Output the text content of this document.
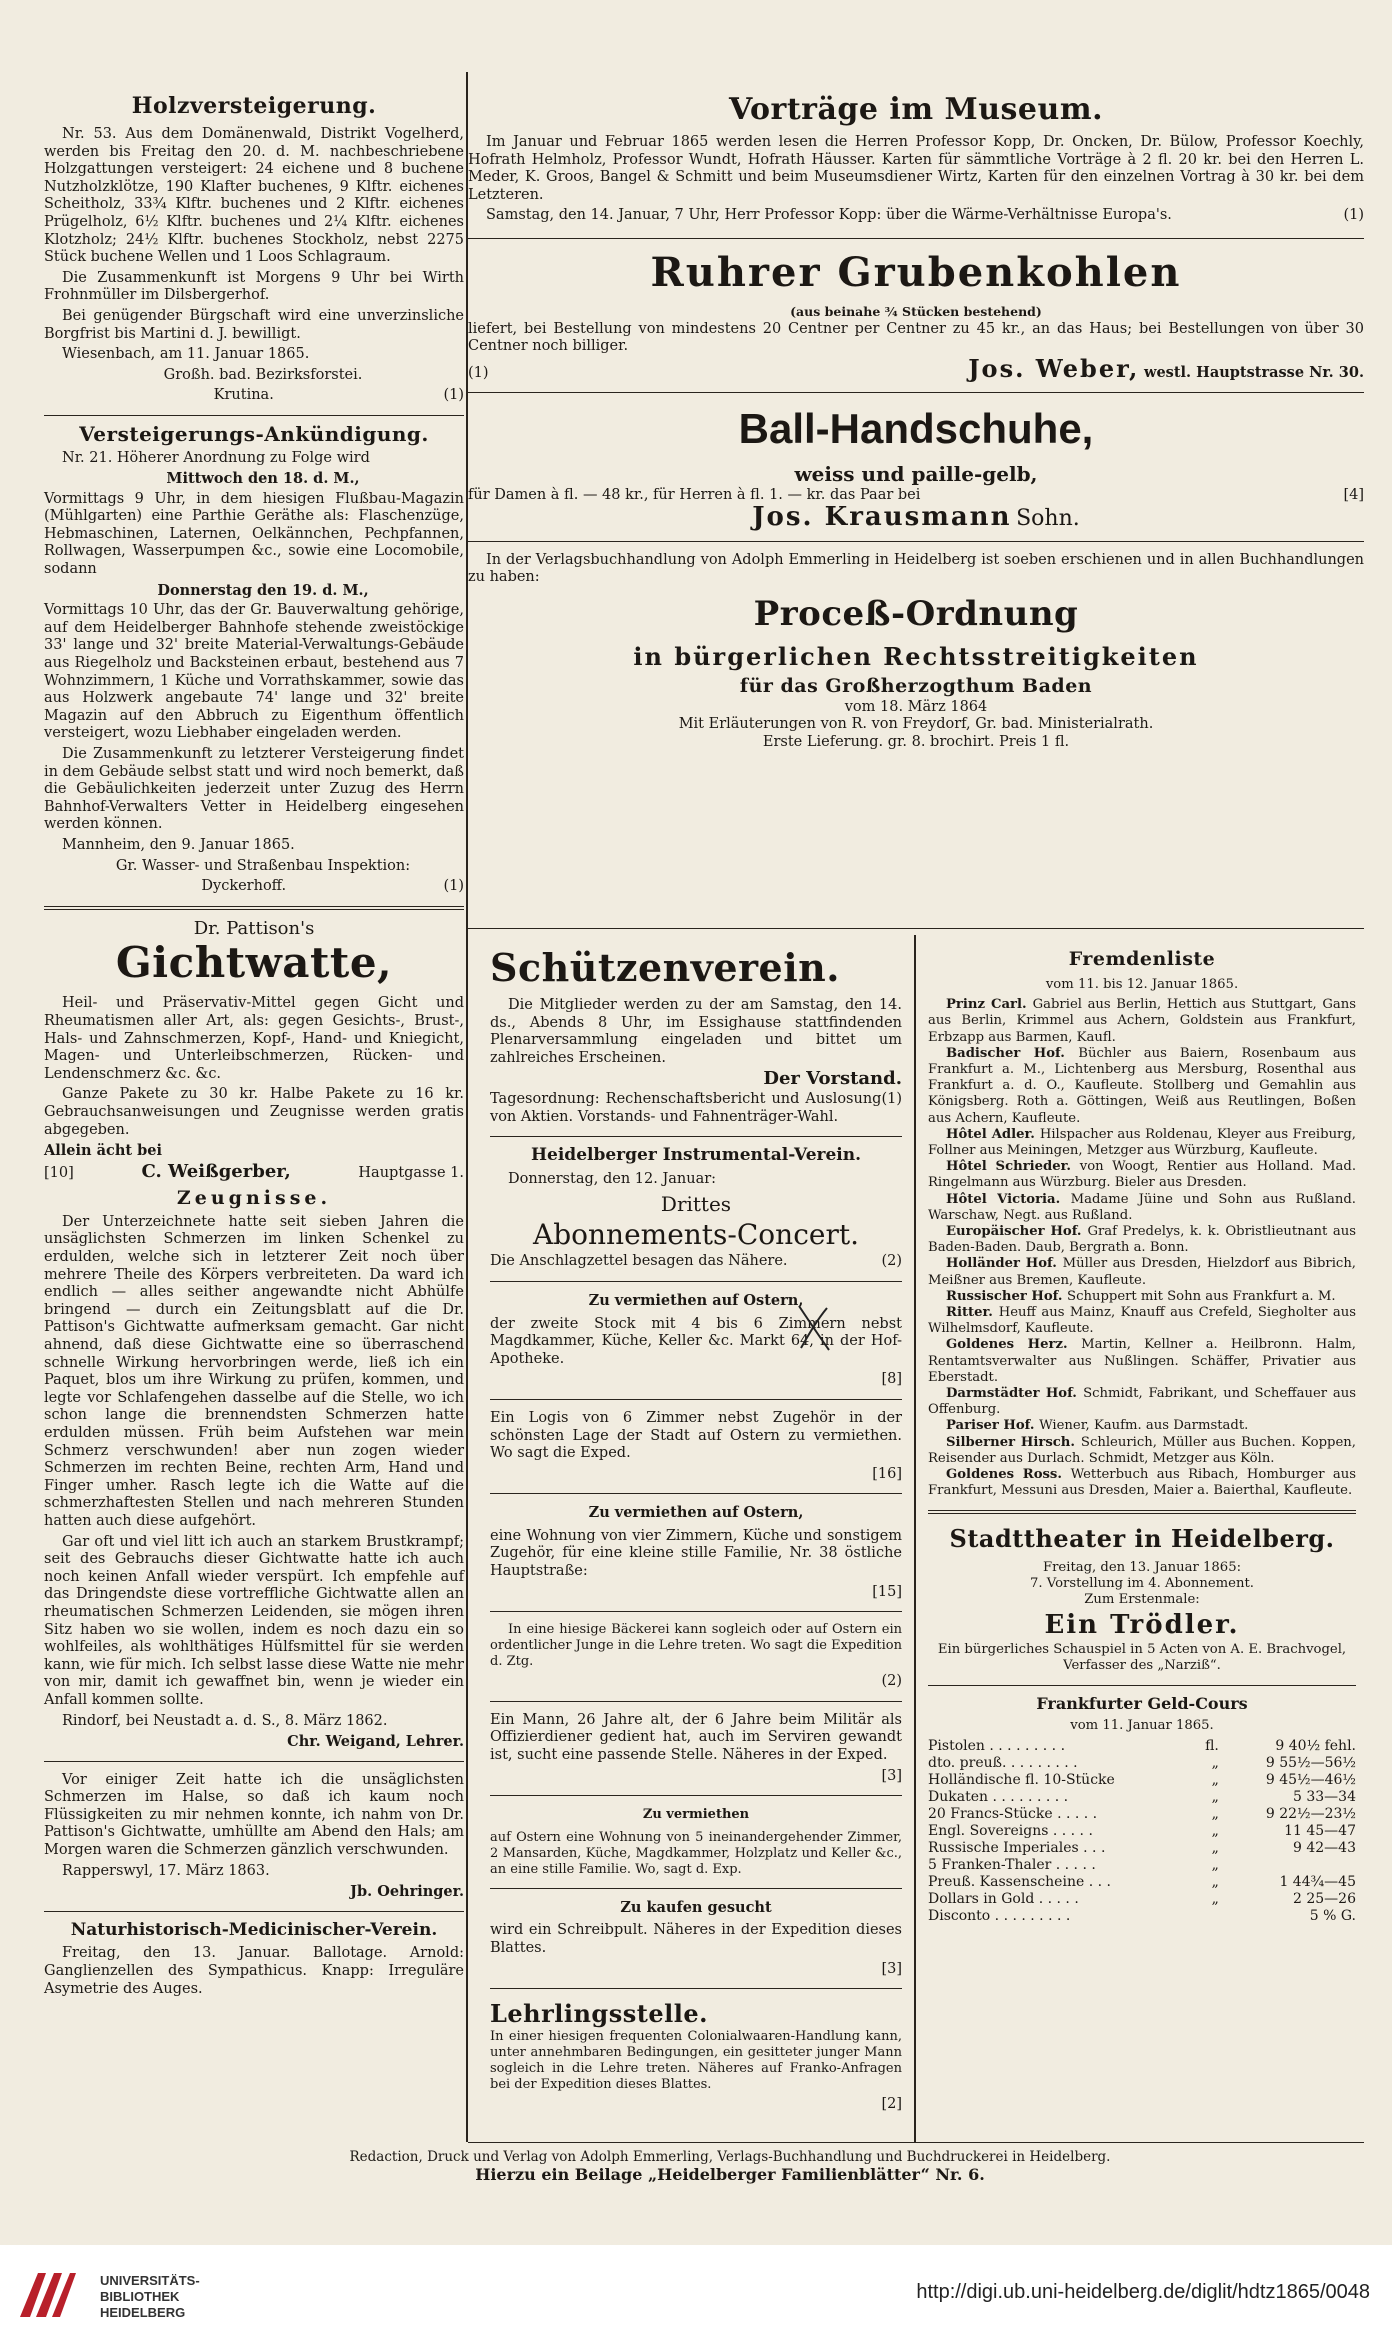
Holzversteigerung.

Nr. 53. Aus dem Domänenwald, Distrikt Vogelherd, werden bis Freitag den 20. d. M. nachbeschriebene Holzgattungen versteigert: 24 eichene und 8 buchene Nutzholzklötze, 190 Klafter buchenes, 9 Klftr. eichenes Scheitholz, 33¾ Klftr. buchenes und 2 Klftr. eichenes Prügelholz, 6½ Klftr. buchenes und 2¼ Klftr. eichenes Klotzholz; 24½ Klftr. buchenes Stockholz, nebst 2275 Stück buchene Wellen und 1 Loos Schlagraum.

Die Zusammenkunft ist Morgens 9 Uhr bei Wirth Frohnmüller im Dilsbergerhof.

Bei genügender Bürgschaft wird eine unverzinsliche Borgfrist bis Martini d. J. bewilligt.

Wiesenbach, am 11. Januar 1865.

Großh. bad. Bezirksforstei.

Krutina.	(1)
Versteigerungs-Ankündigung.

Nr. 21. Höherer Anordnung zu Folge wird

Mittwoch den 18. d. M.,

Vormittags 9 Uhr, in dem hiesigen Flußbau-Magazin (Mühlgarten) eine Parthie Geräthe als: Flaschenzüge, Hebmaschinen, Laternen, Oelkännchen, Pechpfannen, Rollwagen, Wasserpumpen &c., sowie eine Locomobile, sodann

Donnerstag den 19. d. M.,

Vormittags 10 Uhr, das der Gr. Bauverwaltung gehörige, auf dem Heidelberger Bahnhofe stehende zweistöckige 33' lange und 32' breite Material-Verwaltungs-Gebäude aus Riegelholz und Backsteinen erbaut, bestehend aus 7 Wohnzimmern, 1 Küche und Vorrathskammer, sowie das aus Holzwerk angebaute 74' lange und 32' breite Magazin auf den Abbruch zu Eigenthum öffentlich versteigert, wozu Liebhaber eingeladen werden.

Die Zusammenkunft zu letzterer Versteigerung findet in dem Gebäude selbst statt und wird noch bemerkt, daß die Gebäulichkeiten jederzeit unter Zuzug des Herrn Bahnhof-Verwalters Vetter in Heidelberg eingesehen werden können.

Mannheim, den 9. Januar 1865.

Gr. Wasser- und Straßenbau Inspektion:

Dyckerhoff.	(1)
Dr. Pattison's
Gichtwatte,

Heil- und Präservativ-Mittel gegen Gicht und Rheumatismen aller Art, als: gegen Gesichts-, Brust-, Hals- und Zahnschmerzen, Kopf-, Hand- und Kniegicht, Magen- und Unterleibschmerzen, Rücken- und Lendenschmerz &c. &c.

Ganze Pakete zu 30 kr. Halbe Pakete zu 16 kr. Gebrauchsanweisungen und Zeugnisse werden gratis abgegeben.

Allein ächt bei

[10]	C. Weißgerber,	Hauptgasse 1.
Zeugnisse.

Der Unterzeichnete hatte seit sieben Jahren die unsäglichsten Schmerzen im linken Schenkel zu erdulden, welche sich in letzterer Zeit noch über mehrere Theile des Körpers verbreiteten. Da ward ich endlich — alles seither angewandte nicht Abhülfe bringend — durch ein Zeitungsblatt auf die Dr. Pattison's Gichtwatte aufmerksam gemacht. Gar nicht ahnend, daß diese Gichtwatte eine so überraschend schnelle Wirkung hervorbringen werde, ließ ich ein Paquet, blos um ihre Wirkung zu prüfen, kommen, und legte vor Schlafengehen dasselbe auf die Stelle, wo ich schon lange die brennendsten Schmerzen hatte erdulden müssen. Früh beim Aufstehen war mein Schmerz verschwunden! aber nun zogen wieder Schmerzen im rechten Beine, rechten Arm, Hand und Finger umher. Rasch legte ich die Watte auf die schmerzhaftesten Stellen und nach mehreren Stunden hatten auch diese aufgehört.

Gar oft und viel litt ich auch an starkem Brustkrampf; seit des Gebrauchs dieser Gichtwatte hatte ich auch noch keinen Anfall wieder verspürt. Ich empfehle auf das Dringendste diese vortreffliche Gichtwatte allen an rheumatischen Schmerzen Leidenden, sie mögen ihren Sitz haben wo sie wollen, indem es noch dazu ein so wohlfeiles, als wohlthätiges Hülfsmittel für sie werden kann, wie für mich. Ich selbst lasse diese Watte nie mehr von mir, damit ich gewaffnet bin, wenn je wieder ein Anfall kommen sollte.

Rindorf, bei Neustadt a. d. S., 8. März 1862.

Chr. Weigand, Lehrer.

Vor einiger Zeit hatte ich die unsäglichsten Schmerzen im Halse, so daß ich kaum noch Flüssigkeiten zu mir nehmen konnte, ich nahm von Dr. Pattison's Gichtwatte, umhüllte am Abend den Hals; am Morgen waren die Schmerzen gänzlich verschwunden.

Rapperswyl, 17. März 1863.

Jb. Oehringer.

Naturhistorisch-Medicinischer-Verein.

Freitag, den 13. Januar. Ballotage. Arnold: Ganglienzellen des Sympathicus. Knapp: Irreguläre Asymetrie des Auges.

Vorträge im Museum.

Im Januar und Februar 1865 werden lesen die Herren Professor Kopp, Dr. Oncken, Dr. Bülow, Professor Koechly, Hofrath Helmholz, Professor Wundt, Hofrath Häusser. Karten für sämmtliche Vorträge à 2 fl. 20 kr. bei den Herren L. Meder, K. Groos, Bangel & Schmitt und beim Museumsdiener Wirtz, Karten für den einzelnen Vortrag à 30 kr. bei dem Letzteren.

Samstag, den 14. Januar, 7 Uhr, Herr Professor Kopp: über die Wärme-Verhältnisse Europa's.	(1)
Ruhrer Grubenkohlen
(aus beinahe ¾ Stücken bestehend)

liefert, bei Bestellung von mindestens 20 Centner per Centner zu 45 kr., an das Haus; bei Bestellungen von über 30 Centner noch billiger.

(1)	Jos. Weber, westl. Hauptstrasse Nr. 30.
Ball-Handschuhe,
weiss und paille-gelb,
für Damen à fl. — 48 kr., für Herren à fl. 1. — kr. das Paar bei	[4]
Jos. Krausmann Sohn.

In der Verlagsbuchhandlung von Adolph Emmerling in Heidelberg ist soeben erschienen und in allen Buchhandlungen zu haben:

Proceß-Ordnung
in bürgerlichen Rechtsstreitigkeiten
für das Großherzogthum Baden
vom 18. März 1864
Mit Erläuterungen von R. von Freydorf, Gr. bad. Ministerialrath.
Erste Lieferung. gr. 8. brochirt. Preis 1 fl.
Schützenverein.

Die Mitglieder werden zu der am Samstag, den 14. ds., Abends 8 Uhr, im Essighause stattfindenden Plenarversammlung eingeladen und bittet um zahlreiches Erscheinen.

Der Vorstand.

Tagesordnung: Rechenschaftsbericht und Auslosung von Aktien. Vorstands- und Fahnenträger-Wahl.
(1)
Heidelberger Instrumental-Verein.

Donnerstag, den 12. Januar:

Drittes
Abonnements-Concert.
Die Anschlagzettel besagen das Nähere.	(2)
Zu vermiethen auf Ostern,

der zweite Stock mit 4 bis 6 Zimmern nebst Magdkammer, Küche, Keller &c. Markt 64, in der Hof-Apotheke.

[8]

Ein Logis von 6 Zimmer nebst Zugehör in der schönsten Lage der Stadt auf Ostern zu vermiethen. Wo sagt die Exped.

[16]

Zu vermiethen auf Ostern,

eine Wohnung von vier Zimmern, Küche und sonstigem Zugehör, für eine kleine stille Familie, Nr. 38 östliche Hauptstraße:

[15]

In eine hiesige Bäckerei kann sogleich oder auf Ostern ein ordentlicher Junge in die Lehre treten. Wo sagt die Expedition d. Ztg.

(2)

Ein Mann, 26 Jahre alt, der 6 Jahre beim Militär als Offizierdiener gedient hat, auch im Serviren gewandt ist, sucht eine passende Stelle. Näheres in der Exped.

[3]

Zu vermiethen

auf Ostern eine Wohnung von 5 ineinandergehender Zimmer, 2 Mansarden, Küche, Magdkammer, Holzplatz und Keller &c., an eine stille Familie. Wo, sagt d. Exp.

Zu kaufen gesucht

wird ein Schreibpult. Näheres in der Expedition dieses Blattes.

[3]

Lehrlingsstelle.

In einer hiesigen frequenten Colonialwaaren-Handlung kann, unter annehmbaren Bedingungen, ein gesitteter junger Mann sogleich in die Lehre treten. Näheres auf Franko-Anfragen bei der Expedition dieses Blattes.

[2]

Fremdenliste
vom 11. bis 12. Januar 1865.

Prinz Carl. Gabriel aus Berlin, Hettich aus Stuttgart, Gans aus Berlin, Krimmel aus Achern, Goldstein aus Frankfurt, Erbzapp aus Barmen, Kaufl.

Badischer Hof. Büchler aus Baiern, Rosenbaum aus Frankfurt a. M., Lichtenberg aus Mersburg, Rosenthal aus Frankfurt a. d. O., Kaufleute. Stollberg und Gemahlin aus Königsberg. Roth a. Göttingen, Weiß aus Reutlingen, Boßen aus Achern, Kaufleute.

Hôtel Adler. Hilspacher aus Roldenau, Kleyer aus Freiburg, Follner aus Meiningen, Metzger aus Würzburg, Kaufleute.

Hôtel Schrieder. von Woogt, Rentier aus Holland. Mad. Ringelmann aus Würzburg. Bieler aus Dresden.

Hôtel Victoria. Madame Jüine und Sohn aus Rußland. Warschaw, Negt. aus Rußland.

Europäischer Hof. Graf Predelys, k. k. Obristlieutnant aus Baden-Baden. Daub, Bergrath a. Bonn.

Holländer Hof. Müller aus Dresden, Hielzdorf aus Bibrich, Meißner aus Bremen, Kaufleute.

Russischer Hof. Schuppert mit Sohn aus Frankfurt a. M.

Ritter. Heuff aus Mainz, Knauff aus Crefeld, Siegholter aus Wilhelmsdorf, Kaufleute.

Goldenes Herz. Martin, Kellner a. Heilbronn. Halm, Rentamtsverwalter aus Nußlingen. Schäffer, Privatier aus Eberstadt.

Darmstädter Hof. Schmidt, Fabrikant, und Scheffauer aus Offenburg.

Pariser Hof. Wiener, Kaufm. aus Darmstadt.

Silberner Hirsch. Schleurich, Müller aus Buchen. Koppen, Reisender aus Durlach. Schmidt, Metzger aus Köln.

Goldenes Ross. Wetterbuch aus Ribach, Homburger aus Frankfurt, Messuni aus Dresden, Maier a. Baierthal, Kaufleute.

Stadttheater in Heidelberg.
Freitag, den 13. Januar 1865:
7. Vorstellung im 4. Abonnement.
Zum Erstenmale:
Ein Trödler.
Ein bürgerliches Schauspiel in 5 Acten von A. E. Brachvogel, Verfasser des „Narziß“.
Frankfurter Geld-Cours
vom 11. Januar 1865.
Pistolen . . . . . . . . .	fl.	9 40½ fehl.
dto. preuß. . . . . . . . .	„	9 55½—56½
Holländische fl. 10-Stücke	„	9 45½—46½
Dukaten . . . . . . . . .	„	5 33—34
20 Francs-Stücke . . . . .	„	9 22½—23½
Engl. Sovereigns . . . . .	„	11 45—47
Russische Imperiales . . .	„	9 42—43
5 Franken-Thaler . . . . .	„	
Preuß. Kassenscheine . . .	„	1 44¾—45
Dollars in Gold . . . . .	„	2 25—26
Disconto . . . . . . . . .		5 % G.
Redaction, Druck und Verlag von Adolph Emmerling, Verlags-Buchhandlung und Buchdruckerei in Heidelberg.
Hierzu ein Beilage „Heidelberger Familienblätter“ Nr. 6.
UNIVERSITÄTS-
BIBLIOTHEK
HEIDELBERG
http://digi.ub.uni-heidelberg.de/diglit/hdtz1865/0048
